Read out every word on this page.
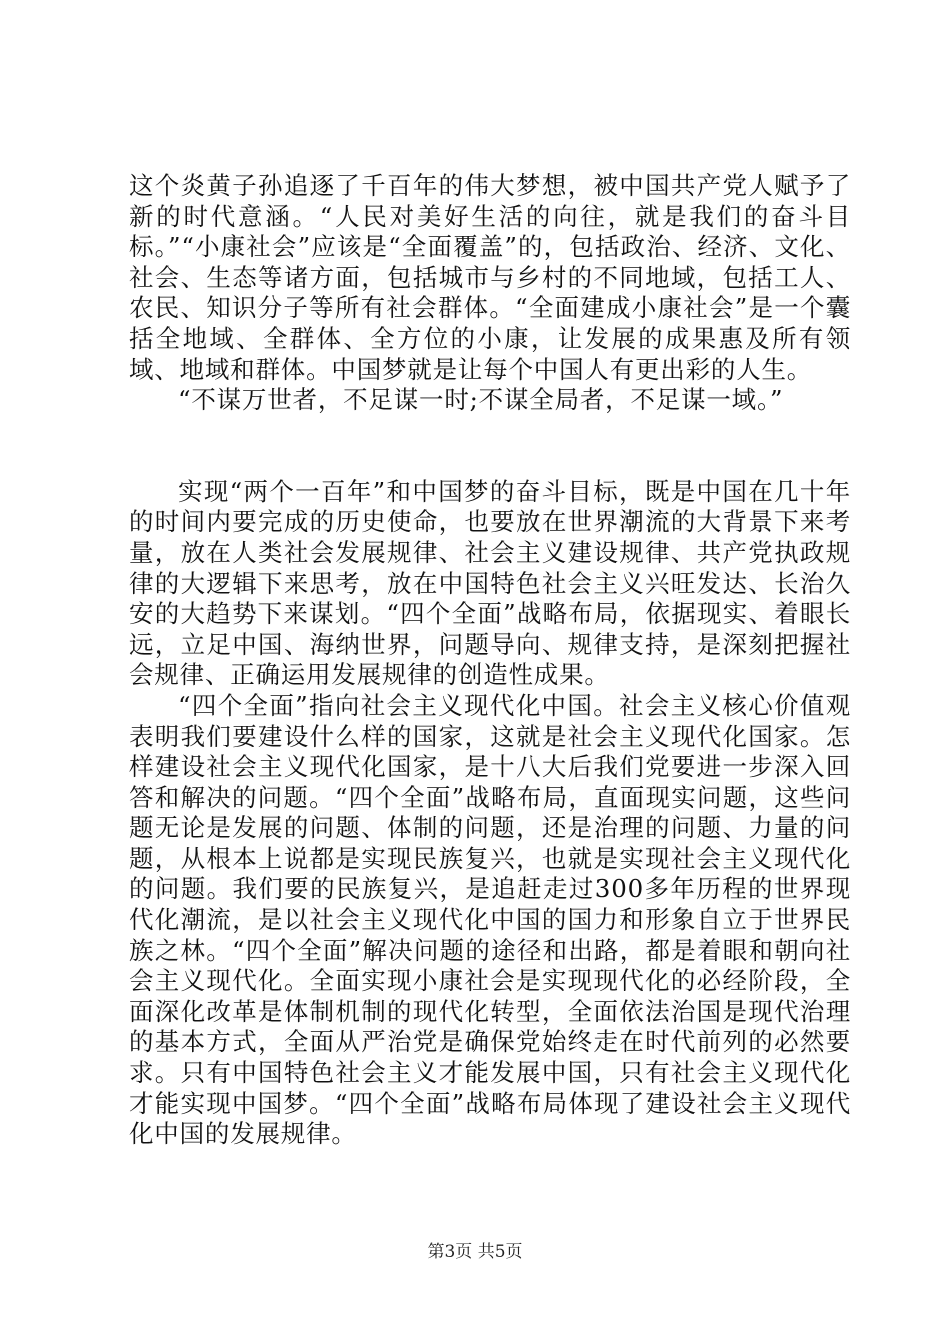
这个炎黄子孙追逐了千百年的伟大梦想，被中国共产党人赋予了新的时代意涵。“人民对美好生活的向往，就是我们的奋斗目标。”“小康社会”应该是“全面覆盖”的，包括政治、经济、文化、社会、生态等诸方面，包括城市与乡村的不同地域，包括工人、农民、知识分子等所有社会群体。“全面建成小康社会”是一个囊括全地域、全群体、全方位的小康，让发展的成果惠及所有领域、地域和群体。中国梦就是让每个中国人有更出彩的人生。

“不谋万世者，不足谋一时;不谋全局者，不足谋一域。”

实现“两个一百年”和中国梦的奋斗目标，既是中国在几十年的时间内要完成的历史使命，也要放在世界潮流的大背景下来考量，放在人类社会发展规律、社会主义建设规律、共产党执政规律的大逻辑下来思考，放在中国特色社会主义兴旺发达、长治久安的大趋势下来谋划。“四个全面”战略布局，依据现实、着眼长远，立足中国、海纳世界，问题导向、规律支持，是深刻把握社会规律、正确运用发展规律的创造性成果。

“四个全面”指向社会主义现代化中国。社会主义核心价值观表明我们要建设什么样的国家，这就是社会主义现代化国家。怎样建设社会主义现代化国家，是十八大后我们党要进一步深入回答和解决的问题。“四个全面”战略布局，直面现实问题，这些问题无论是发展的问题、体制的问题，还是治理的问题、力量的问题，从根本上说都是实现民族复兴，也就是实现社会主义现代化的问题。我们要的民族复兴，是追赶走过300多年历程的世界现代化潮流，是以社会主义现代化中国的国力和形象自立于世界民族之林。“四个全面”解决问题的途径和出路，都是着眼和朝向社会主义现代化。全面实现小康社会是实现现代化的必经阶段，全面深化改革是体制机制的现代化转型，全面依法治国是现代治理的基本方式，全面从严治党是确保党始终走在时代前列的必然要求。只有中国特色社会主义才能发展中国，只有社会主义现代化才能实现中国梦。“四个全面”战略布局体现了建设社会主义现代化中国的发展规律。

第3页 共5页
